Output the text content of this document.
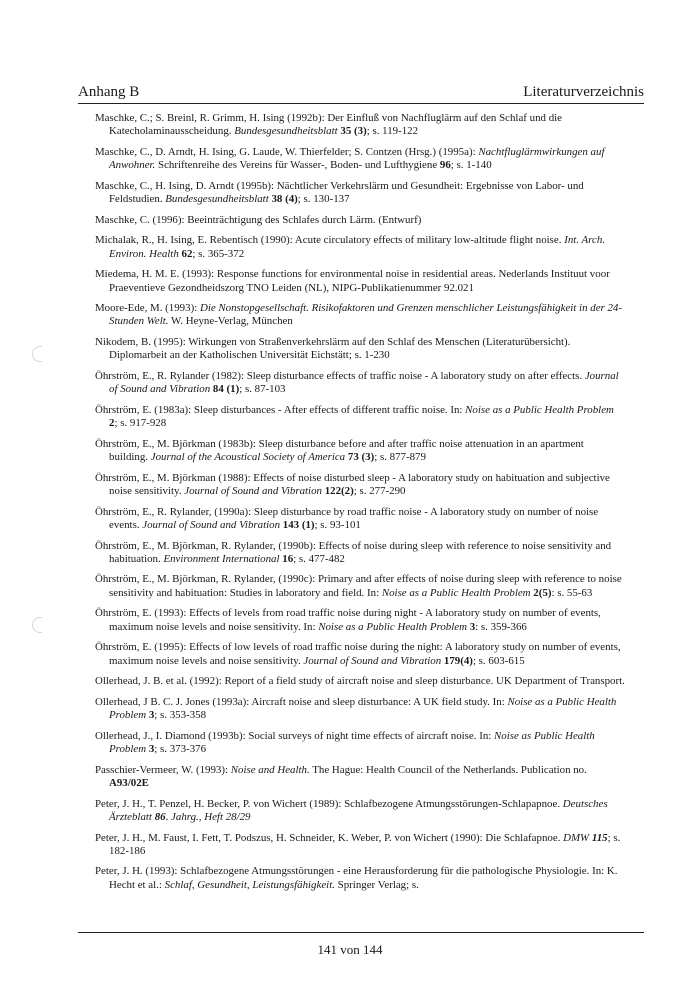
Anhang B	Literaturverzeichnis
Maschke, C.; S. Breinl, R. Grimm, H. Ising (1992b): Der Einfluß von Nachfluglärm auf den Schlaf und die Katecholaminausscheidung. Bundesgesundheitsblatt 35 (3); s. 119-122
Maschke, C., D. Arndt, H. Ising, G. Laude, W. Thierfelder; S. Contzen (Hrsg.) (1995a): Nachtfluglärmwirkungen auf Anwohner. Schriftenreihe des Vereins für Wasser-, Boden- und Lufthygiene 96; s. 1-140
Maschke, C., H. Ising, D. Arndt (1995b): Nächtlicher Verkehrslärm und Gesundheit: Ergebnisse von Labor- und Feldstudien. Bundesgesundheitsblatt 38 (4); s. 130-137
Maschke, C. (1996): Beeinträchtigung des Schlafes durch Lärm. (Entwurf)
Michalak, R., H. Ising, E. Rebentisch (1990): Acute circulatory effects of military low-altitude flight noise. Int. Arch. Environ. Health 62; s. 365-372
Miedema, H. M. E. (1993): Response functions for environmental noise in residential areas. Nederlands Instituut voor Praeventieve Gezondheidszorg TNO Leiden (NL), NIPG-Publikatienummer 92.021
Moore-Ede, M. (1993): Die Nonstopgesellschaft. Risikofaktoren und Grenzen menschlicher Leistungsfähigkeit in der 24-Stunden Welt. W. Heyne-Verlag, München
Nikodem, B. (1995): Wirkungen von Straßenverkehrslärm auf den Schlaf des Menschen (Literaturübersicht). Diplomarbeit an der Katholischen Universität Eichstätt; s. 1-230
Öhrström, E., R. Rylander (1982): Sleep disturbance effects of traffic noise - A laboratory study on after effects. Journal of Sound and Vibration 84 (1); s. 87-103
Öhrström, E. (1983a): Sleep disturbances - After effects of different traffic noise. In: Noise as a Public Health Problem 2; s. 917-928
Öhrström, E., M. Björkman (1983b): Sleep disturbance before and after traffic noise attenuation in an apartment building. Journal of the Acoustical Society of America 73 (3); s. 877-879
Öhrström, E., M. Björkman (1988): Effects of noise disturbed sleep - A laboratory study on habituation and subjective noise sensitivity. Journal of Sound and Vibration 122(2); s. 277-290
Öhrström, E., R. Rylander, (1990a): Sleep disturbance by road traffic noise - A laboratory study on number of noise events. Journal of Sound and Vibration 143 (1); s. 93-101
Öhrström, E., M. Björkman, R. Rylander, (1990b): Effects of noise during sleep with reference to noise sensitivity and habituation. Environment International 16; s. 477-482
Öhrström, E., M. Björkman, R. Rylander, (1990c): Primary and after effects of noise during sleep with reference to noise sensitivity and habituation: Studies in laboratory and field. In: Noise as a Public Health Problem 2(5): s. 55-63
Öhrström, E. (1993): Effects of levels from road traffic noise during night - A laboratory study on number of events, maximum noise levels and noise sensitivity. In: Noise as a Public Health Problem 3: s. 359-366
Öhrström, E. (1995): Effects of low levels of road traffic noise during the night: A laboratory study on number of events, maximum noise levels and noise sensitivity. Journal of Sound and Vibration 179(4); s. 603-615
Ollerhead, J. B. et al. (1992): Report of a field study of aircraft noise and sleep disturbance. UK Department of Transport.
Ollerhead, J B. C. J. Jones (1993a): Aircraft noise and sleep disturbance: A UK field study. In: Noise as a Public Health Problem 3; s. 353-358
Ollerhead, J., I. Diamond (1993b): Social surveys of night time effects of aircraft noise. In: Noise as Public Health Problem 3; s. 373-376
Passchier-Vermeer, W. (1993): Noise and Health. The Hague: Health Council of the Netherlands. Publication no. A93/02E
Peter, J. H., T. Penzel, H. Becker, P. von Wichert (1989): Schlafbezogene Atmungsstörungen-Schlapapnoe. Deutsches Ärzteblatt 86. Jahrg., Heft 28/29
Peter, J. H., M. Faust, I. Fett, T. Podszus, H. Schneider, K. Weber, P. von Wichert (1990): Die Schlafapnoe. DMW 115; s. 182-186
Peter, J. H. (1993): Schlafbezogene Atmungsstörungen - eine Herausforderung für die pathologische Physiologie. In: K. Hecht et al.: Schlaf, Gesundheit, Leistungsfähigkeit. Springer Verlag; s.
141 von 144
